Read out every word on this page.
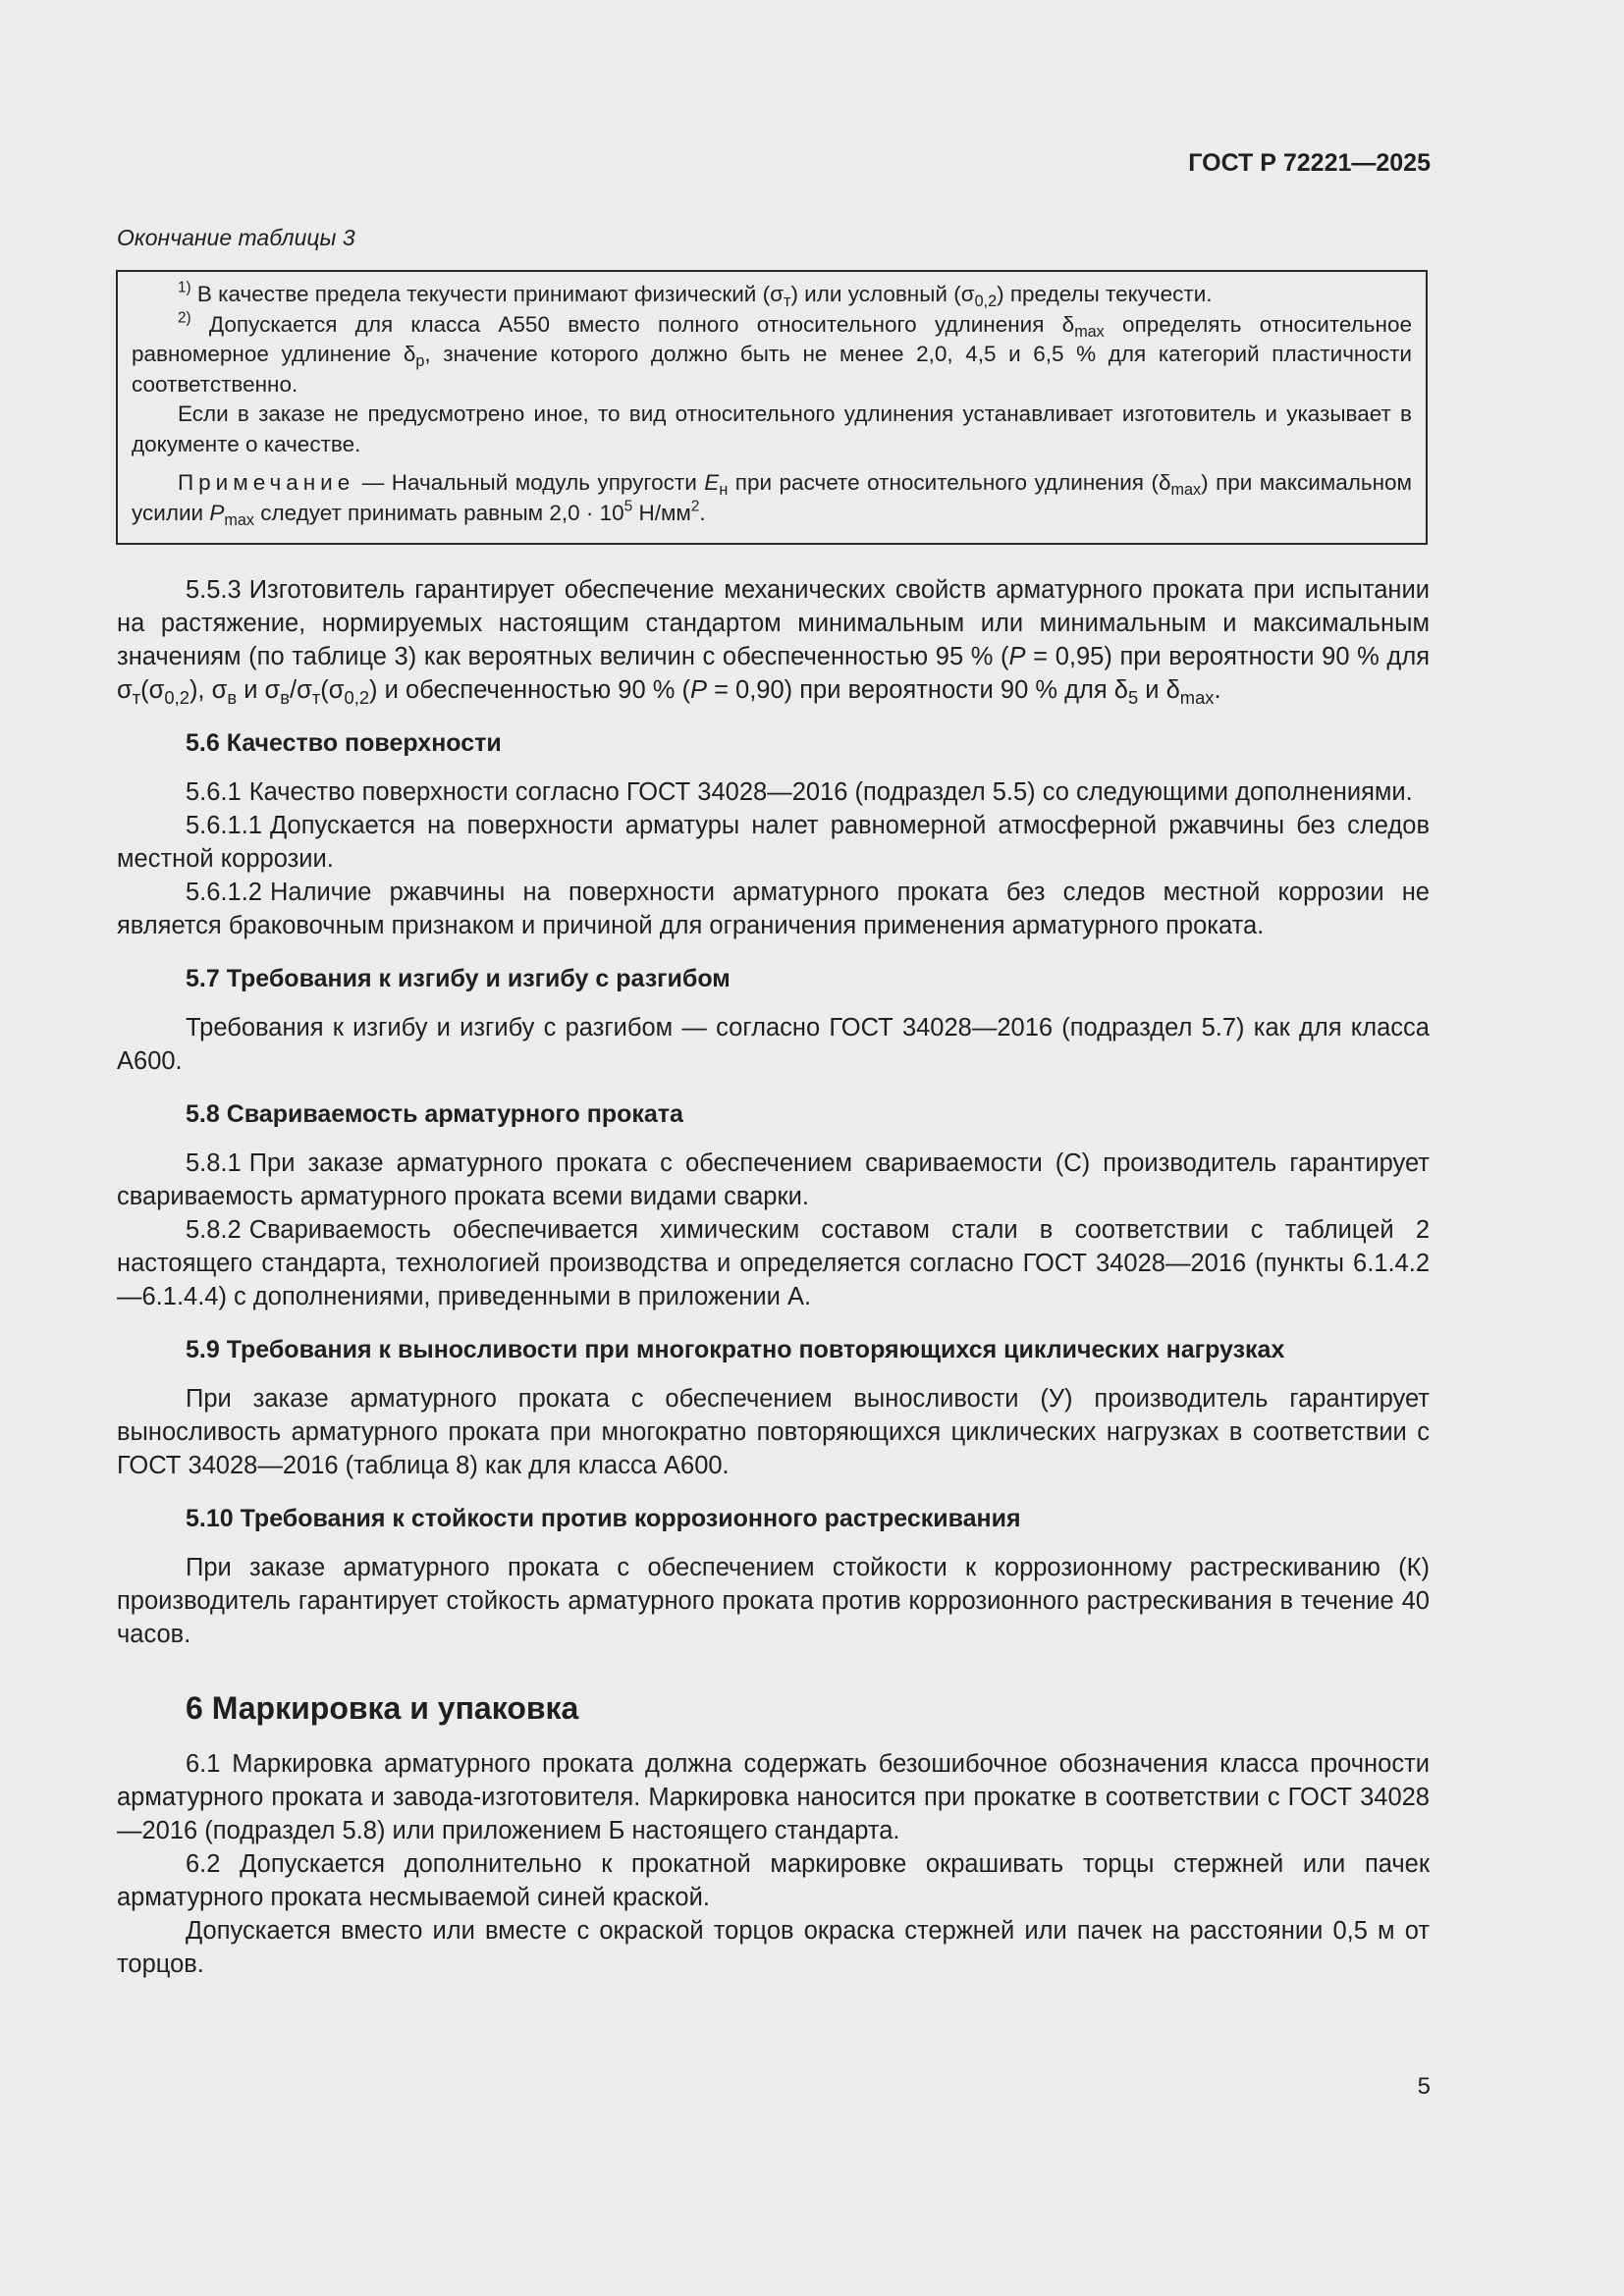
ГОСТ Р 72221—2025
Окончание таблицы 3

$^{1)}$ В качестве предела текучести принимают физический $(\sigma_т)$ или условный $(\sigma_{0,2})$ пределы текучести.

$^{2)}$ Допускается для класса А550 вместо полного относительного удлинения $\delta_{max}$ определять относительное равномерное удлинение $\delta_р$, значение которого должно быть не менее 2,0, 4,5 и 6,5 % для категорий пластичности соответственно.

Если в заказе не предусмотрено иное, то вид относительного удлинения устанавливает изготовитель и указывает в документе о качестве.

Примечание — Начальный модуль упругости $E_н$ при расчете относительного удлинения $(\delta_{max})$ при максимальном усилии $P_{max}$ следует принимать равным $2,0 \cdot 10^5$ $Н/мм^2$.

5.5.3 Изготовитель гарантирует обеспечение механических свойств арматурного проката при испытании на растяжение, нормируемых настоящим стандартом минимальным или минимальным и максимальным значениям (по таблице 3) как вероятных величин с обеспеченностью 95 % (P = 0,95) при вероятности 90 % для $\sigma_т(\sigma_{0,2})$, $\sigma_в$ и $\sigma_в/\sigma_т(\sigma_{0,2})$ и обеспеченностью 90 % (P = 0,90) при вероятности 90 % для $\delta_5$ и $\delta_{max}$.

5.6 Качество поверхности

5.6.1 Качество поверхности согласно ГОСТ 34028—2016 (подраздел 5.5) со следующими дополнениями.

5.6.1.1 Допускается на поверхности арматуры налет равномерной атмосферной ржавчины без следов местной коррозии.

5.6.1.2 Наличие ржавчины на поверхности арматурного проката без следов местной коррозии не является браковочным признаком и причиной для ограничения применения арматурного проката.

5.7 Требования к изгибу и изгибу с разгибом

Требования к изгибу и изгибу с разгибом — согласно ГОСТ 34028—2016 (подраздел 5.7) как для класса А600.

5.8 Свариваемость арматурного проката

5.8.1 При заказе арматурного проката с обеспечением свариваемости (С) производитель гарантирует свариваемость арматурного проката всеми видами сварки.

5.8.2 Свариваемость обеспечивается химическим составом стали в соответствии с таблицей 2 настоящего стандарта, технологией производства и определяется согласно ГОСТ 34028—2016 (пункты 6.1.4.2—6.1.4.4) с дополнениями, приведенными в приложении А.

5.9 Требования к выносливости при многократно повторяющихся циклических нагрузках

При заказе арматурного проката с обеспечением выносливости (У) производитель гарантирует выносливость арматурного проката при многократно повторяющихся циклических нагрузках в соответствии с ГОСТ 34028—2016 (таблица 8) как для класса А600.

5.10 Требования к стойкости против коррозионного растрескивания

При заказе арматурного проката с обеспечением стойкости к коррозионному растрескиванию (К) производитель гарантирует стойкость арматурного проката против коррозионного растрескивания в течение 40 часов.

6 Маркировка и упаковка

6.1 Маркировка арматурного проката должна содержать безошибочное обозначения класса прочности арматурного проката и завода-изготовителя. Маркировка наносится при прокатке в соответствии с ГОСТ 34028—2016 (подраздел 5.8) или приложением Б настоящего стандарта.

6.2 Допускается дополнительно к прокатной маркировке окрашивать торцы стержней или пачек арматурного проката несмываемой синей краской.

Допускается вместо или вместе с окраской торцов окраска стержней или пачек на расстоянии 0,5 м от торцов.

5
